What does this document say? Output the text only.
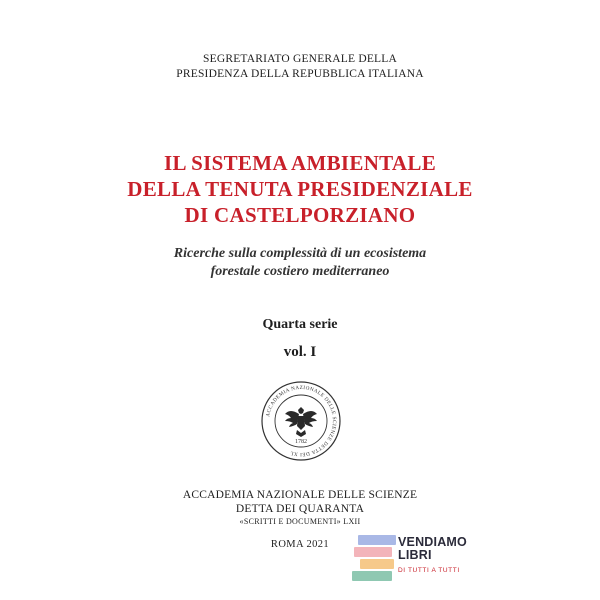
SEGRETARIATO GENERALE DELLA
PRESIDENZA DELLA REPUBBLICA ITALIANA
IL SISTEMA AMBIENTALE
DELLA TENUTA PRESIDENZIALE
DI CASTELPORZIANO
Ricerche sulla complessità di un ecosistema
forestale costiero mediterraneo
Quarta serie
vol. I
ACCADEMIA NAZIONALE DELLE SCIENZE DETTA DEI XL
1782
ACCADEMIA NAZIONALE DELLE SCIENZE
DETTA DEI QUARANTA
«SCRITTI E DOCUMENTI» LXII
ROMA 2021	VENDIAMO
LIBRI
DI TUTTI A TUTTI
